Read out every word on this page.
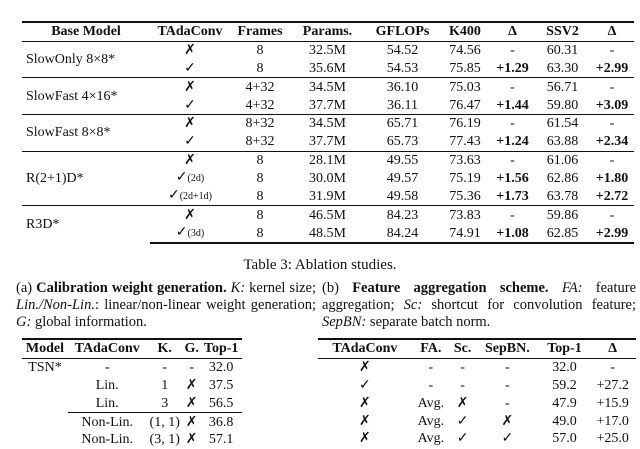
Base Model	TAdaConv	Frames	Params.	GFLOPs	K400	Δ	SSV2	Δ
SlowOnly 8×8*	✗	8	32.5M	54.52	74.56	-	60.31	-
	✓	8	35.6M	54.53	75.85	+1.29	63.30	+2.99
SlowFast 4×16*	✗	4+32	34.5M	36.10	75.03	-	56.71	-
	✓	4+32	37.7M	36.11	76.47	+1.44	59.80	+3.09
SlowFast 8×8*	✗	8+32	34.5M	65.71	76.19	-	61.54	-
	✓	8+32	37.7M	65.73	77.43	+1.24	63.88	+2.34
R(2+1)D*	✗	8	28.1M	49.55	73.63	-	61.06	-
	✓(2d)	8	30.0M	49.57	75.19	+1.56	62.86	+1.80
	✓(2d+1d)	8	31.9M	49.58	75.36	+1.73	63.78	+2.72
R3D*	✗	8	46.5M	84.23	73.83	-	59.86	-
	✓(3d)	8	48.5M	84.24	74.91	+1.08	62.85	+2.99
Table 3: Ablation studies.
(a) Calibration weight generation. K: kernel size; Lin./Non-Lin.: linear/non-linear weight generation; G: global information.
(b) Feature aggregation scheme. FA: feature aggregation; Sc: shortcut for convolution feature; SepBN: separate batch norm.
Model	TAdaConv	K.	G.	Top-1
TSN*	-	-	-	32.0
	Lin.	1	✗	37.5
	Lin.	3	✗	56.5
	Non-Lin.	(1, 1)	✗	36.8
	Non-Lin.	(3, 1)	✗	57.1
TAdaConv	FA.	Sc.	SepBN.	Top-1	Δ
✗	-	-	-	32.0	-
✓	-	-	-	59.2	+27.2
✗	Avg.	✗	-	47.9	+15.9
✗	Avg.	✓	✗	49.0	+17.0
✗	Avg.	✓	✓	57.0	+25.0
